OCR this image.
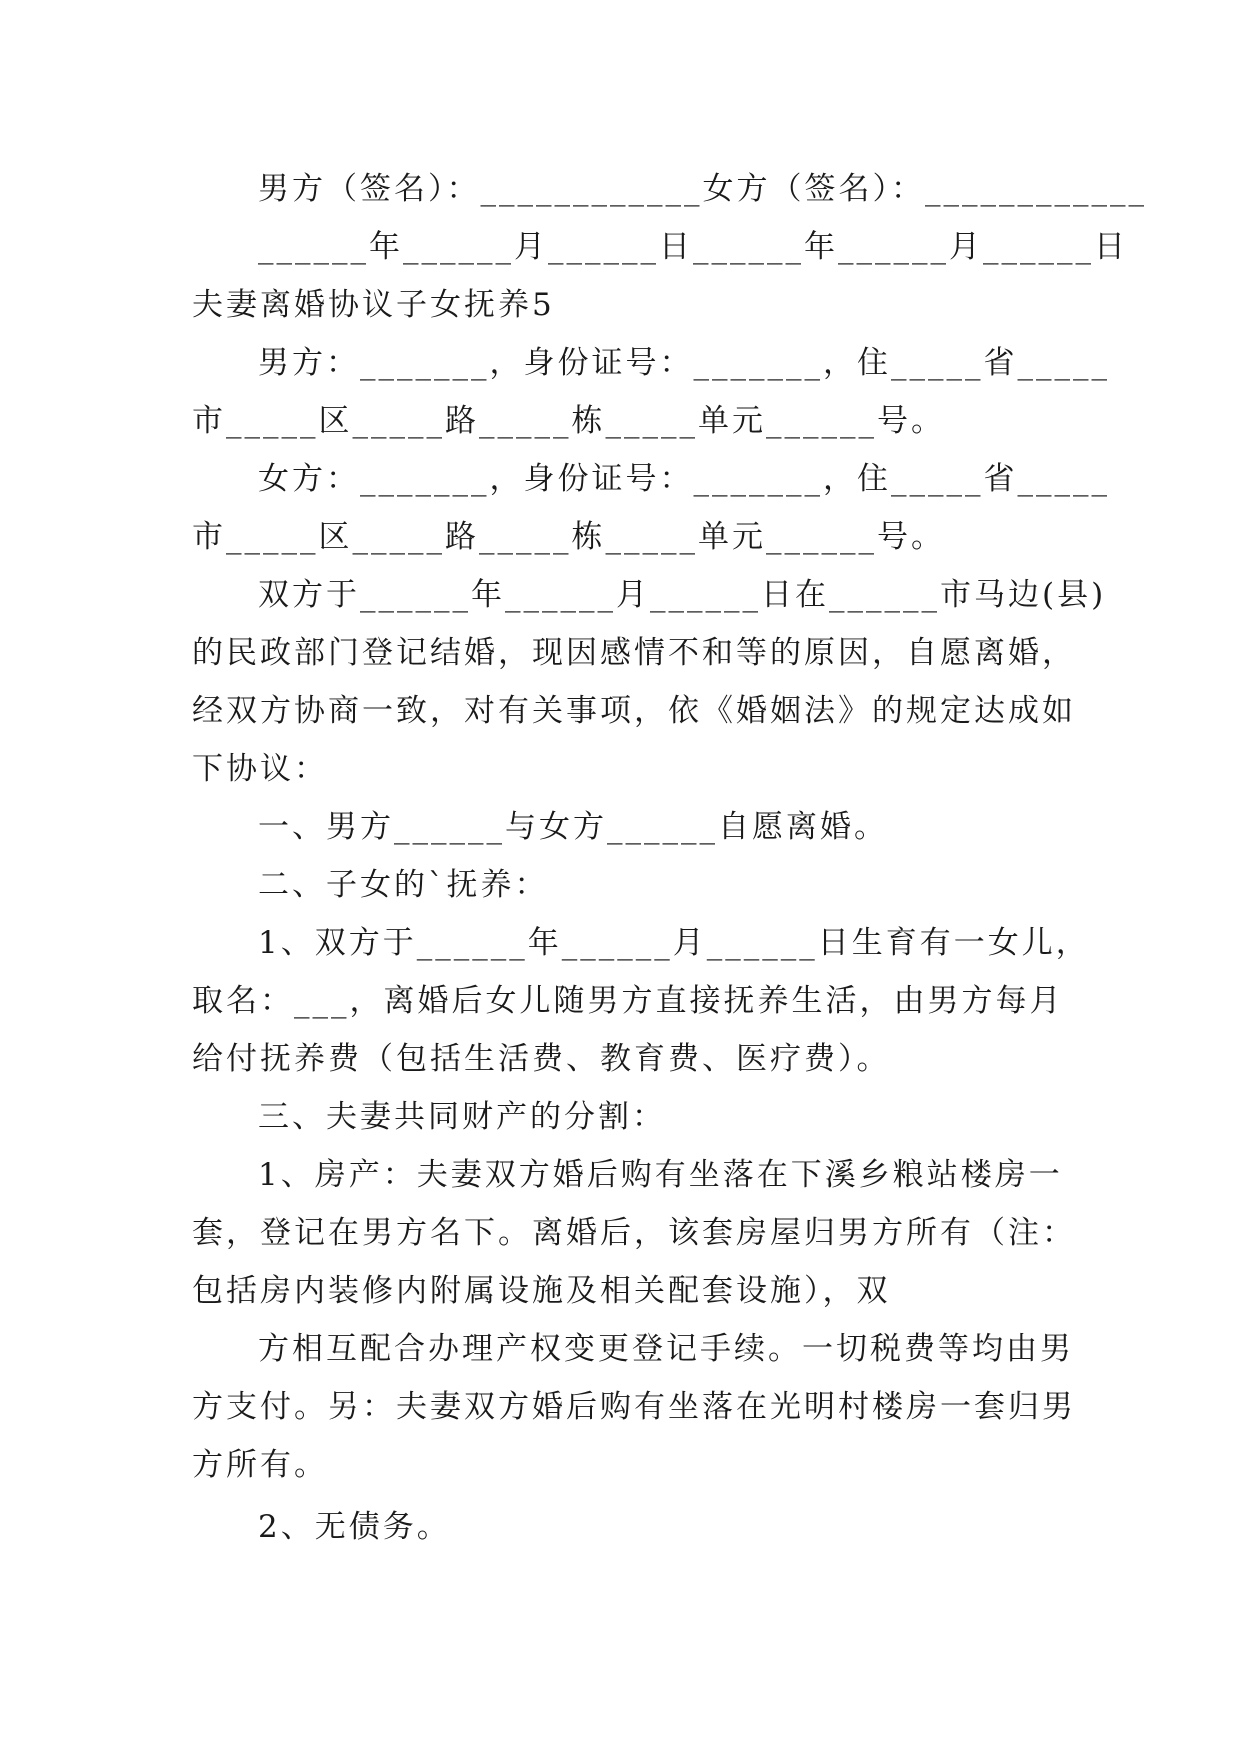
男方（签名）：____________女方（签名）：____________
______年______月______日______年______月______日
夫妻离婚协议子女抚养5
男方：_______，身份证号：_______，住_____省_____
市_____区_____路_____栋_____单元______号。
女方：_______，身份证号：_______，住_____省_____
市_____区_____路_____栋_____单元______号。
双方于______年______月______日在______市马边(县)
的民政部门登记结婚，现因感情不和等的原因，自愿离婚，
经双方协商一致，对有关事项，依《婚姻法》的规定达成如
下协议：
一、男方______与女方______自愿离婚。
二、子女的`抚养：
1、双方于______年______月______日生育有一女儿，
取名：___，离婚后女儿随男方直接抚养生活，由男方每月
给付抚养费（包括生活费、教育费、医疗费）。
三、夫妻共同财产的分割：
1、房产：夫妻双方婚后购有坐落在下溪乡粮站楼房一
套，登记在男方名下。离婚后，该套房屋归男方所有（注：
包括房内装修内附属设施及相关配套设施），双
方相互配合办理产权变更登记手续。一切税费等均由男
方支付。另：夫妻双方婚后购有坐落在光明村楼房一套归男
方所有。
2、无债务。
